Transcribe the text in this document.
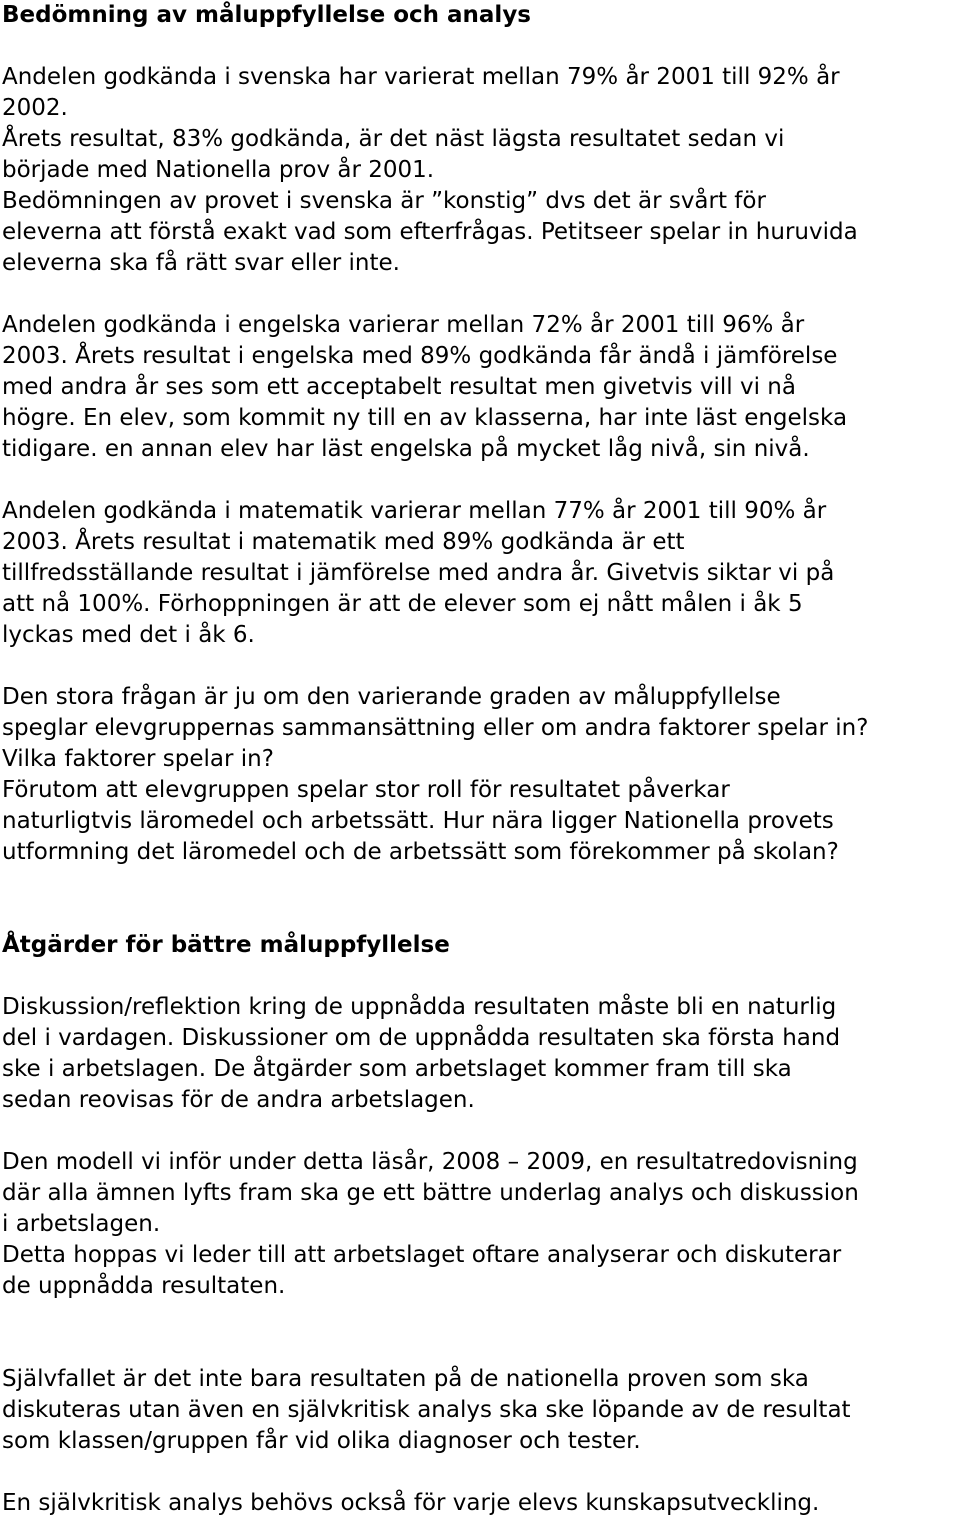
Bedömning av måluppfyllelse och analys
Andelen godkända i svenska har varierat mellan 79% år 2001 till 92% år
2002.
Årets resultat, 83% godkända, är det näst lägsta resultatet sedan vi
började med Nationella prov år 2001.
Bedömningen av provet i svenska är ”konstig” dvs det är svårt för
eleverna att förstå exakt vad som efterfrågas. Petitseer spelar in huruvida
eleverna ska få rätt svar eller inte.
Andelen godkända i engelska varierar mellan 72% år 2001 till 96% år
2003. Årets resultat i engelska med 89% godkända får ändå i jämförelse
med andra år ses som ett acceptabelt resultat men givetvis vill vi nå
högre. En elev, som kommit ny till en av klasserna, har inte läst engelska
tidigare. en annan elev har läst engelska på mycket låg nivå, sin nivå.
Andelen godkända i matematik varierar mellan 77% år 2001 till 90% år
2003. Årets resultat i matematik med 89% godkända är ett
tillfredsställande resultat i jämförelse med andra år. Givetvis siktar vi på
att nå 100%. Förhoppningen är att de elever som ej nått målen i åk 5
lyckas med det i åk 6.
Den stora frågan är ju om den varierande graden av måluppfyllelse
speglar elevgruppernas sammansättning eller om andra faktorer spelar in?
Vilka faktorer spelar in?
Förutom att elevgruppen spelar stor roll för resultatet påverkar
naturligtvis läromedel och arbetssätt. Hur nära ligger Nationella provets
utformning det läromedel och de arbetssätt som förekommer på skolan?
Åtgärder för bättre måluppfyllelse
Diskussion/reflektion kring de uppnådda resultaten måste bli en naturlig
del i vardagen. Diskussioner om de uppnådda resultaten ska första hand
ske i arbetslagen. De åtgärder som arbetslaget kommer fram till ska
sedan reovisas för de andra arbetslagen.
Den modell vi inför under detta läsår, 2008 – 2009, en resultatredovisning
där alla ämnen lyfts fram ska ge ett bättre underlag analys och diskussion
i arbetslagen.
Detta hoppas vi leder till att arbetslaget oftare analyserar och diskuterar
de uppnådda resultaten.
Självfallet är det inte bara resultaten på de nationella proven som ska
diskuteras utan även en självkritisk analys ska ske löpande av de resultat
som klassen/gruppen får vid olika diagnoser och tester.
En självkritisk analys behövs också för varje elevs kunskapsutveckling.
